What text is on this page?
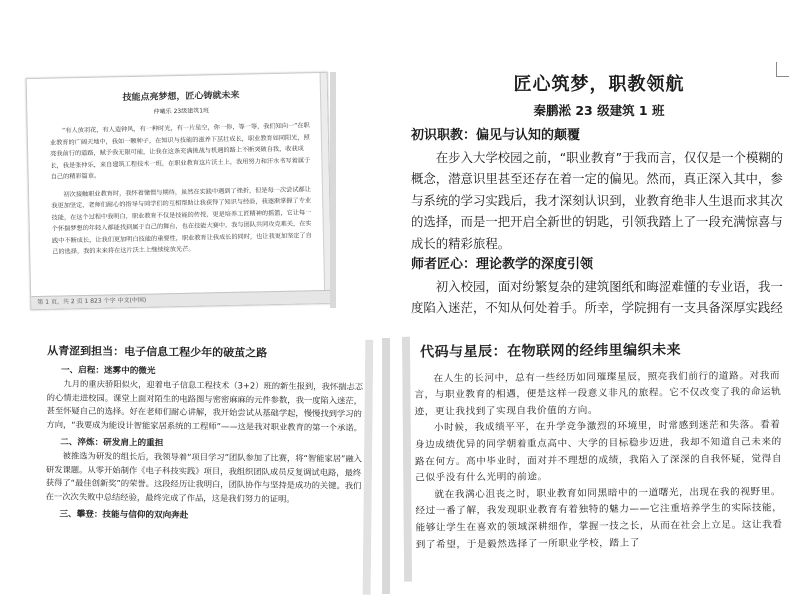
技能点亮梦想，匠心铸就未来
仲曦乐 23级建筑1班

“有人放羽花，有人造钟风，有一种时光，有一片星空，你一你，等一等，我们知向一”在职业教育的广阔天地中，我如一颗种子，在知识与技能的滋养下茁壮成长，职业教育如同阳光，照亮我前行的道路，赋予我无限可能，让我在这条充满挑战与机遇的路上不断突破自我，收获成长，我是张仲乐，来自建筑工程技术一班，在职业教育这片沃土上，我用努力和汗水书写着属于自己的精彩篇章。

初次接触职业教育时，我怀着憧憬与期待，虽然在实践中遇到了挫折，但是每一次尝试都让我更加坚定，老师们耐心的指导与同学们的互相帮助让我获得了知识与经验，我逐渐掌握了专业技能，在这个过程中我明白，职业教育不仅是技能的传授，更是培养工匠精神的摇篮，它让每一个怀揣梦想的年轻人都能找到属于自己的舞台，也在技能大赛中，我与团队共同攻克难关，在实践中不断成长，让我们更加明白技能的重要性，职业教育让我成长的同时，也让我更加坚定了自己的选择，我的未来将在这片沃土上继续绽放光芒。

第 1 页，共 2 页 1 823 个字 中文(中国)
匠心筑梦，职教领航
秦鹏淞 23 级建筑 1 班

初识职教：偏见与认知的颠覆

在步入大学校园之前，“职业教育”于我而言，仅仅是一个模糊的概念，潜意识里甚至还存在着一定的偏见。然而，真正深入其中，参与系统的学习实践后，我才深刻认识到，业教育绝非人生退而求其次的选择，而是一把开启全新世的钥匙，引领我踏上了一段充满惊喜与成长的精彩旅程。

师者匠心：理论教学的深度引领

初入校园，面对纷繁复杂的建筑图纸和晦涩难懂的专业语，我一度陷入迷茫，不知从何处着手。所幸，学院拥有一支具备深厚实践经

从青涩到担当：电子信息工程少年的破茧之路

一、启程：迷雾中的微光

九月的重庆骄阳似火，迎着电子信息工程技术（3+2）班的新生报到，我怀揣忐忑的心情走进校园。课堂上面对陌生的电路图与密密麻麻的元件参数，我一度陷入迷茫，甚至怀疑自己的选择。好在老师们耐心讲解，我开始尝试从基础学起，慢慢找到学习的方向，“我要成为能设计智能家居系统的工程师”——这是我对职业教育的第一个承诺。

二、淬炼：研发肩上的重担

被推选为研发的组长后，我领导着“项目学习”团队参加了比赛，将“智能家居”融入研发课题。从零开始制作《电子科技实践》项目，我组织团队成员反复调试电路，最终获得了“最佳创新奖”的荣誉。这段经历让我明白，团队协作与坚持是成功的关键。我们在一次次失败中总结经验，最终完成了作品，这是我们努力的证明。

三、攀登：技能与信仰的双向奔赴

代码与星辰：在物联网的经纬里编织未来

在人生的长河中，总有一些经历如同璀璨星辰，照亮我们前行的道路。对我而言，与职业教育的相遇，便是这样一段意义非凡的旅程。它不仅改变了我的命运轨迹，更让我找到了实现自我价值的方向。

小时候，我成绩平平，在升学竞争激烈的环境里，时常感到迷茫和失落。看着身边成绩优异的同学朝着重点高中、大学的目标稳步迈进，我却不知道自己未来的路在何方。高中毕业时，面对并不理想的成绩，我陷入了深深的自我怀疑，觉得自己似乎没有什么光明的前途。

就在我满心沮丧之时，职业教育如同黑暗中的一道曙光，出现在我的视野里。经过一番了解，我发现职业教育有着独特的魅力——它注重培养学生的实际技能，能够让学生在喜欢的领域深耕细作，掌握一技之长，从而在社会上立足。这让我看到了希望，于是毅然选择了一所职业学校，踏上了
